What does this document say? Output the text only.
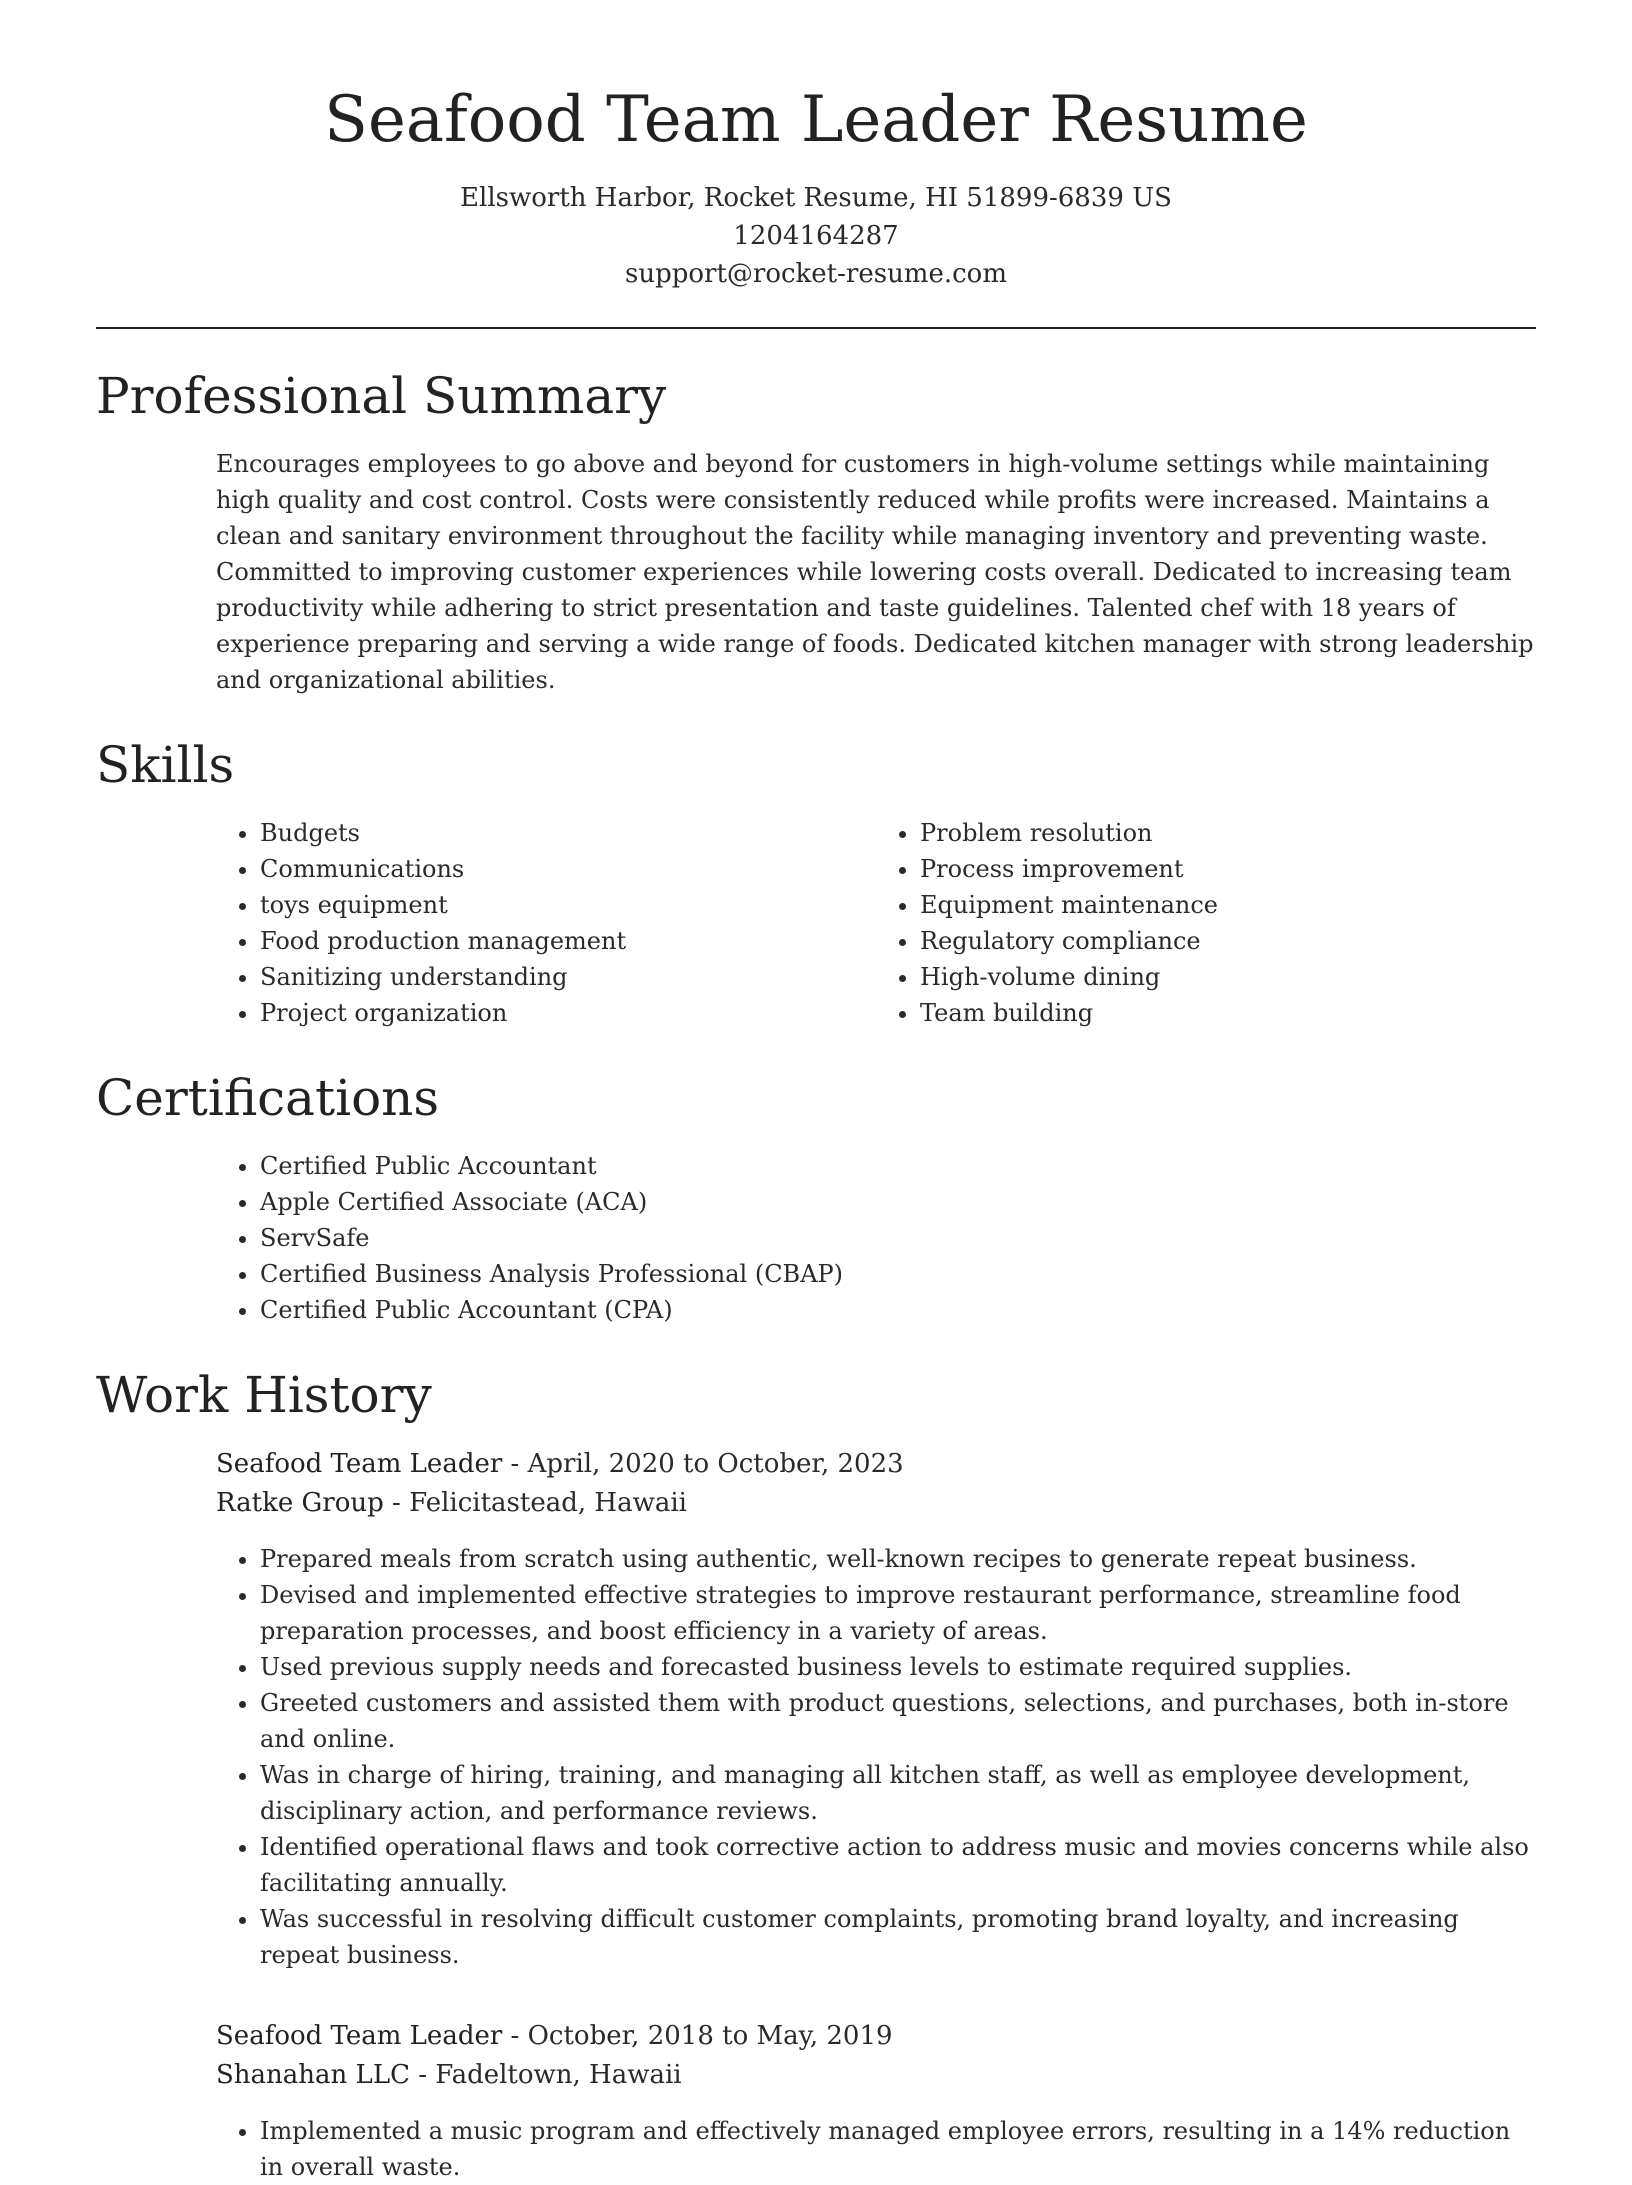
Seafood Team Leader Resume
Ellsworth Harbor, Rocket Resume, HI 51899-6839 US
1204164287
support@rocket-resume.com
Professional Summary
Encourages employees to go above and beyond for customers in high-volume settings while maintaining high quality and cost control. Costs were consistently reduced while profits were increased. Maintains a clean and sanitary environment throughout the facility while managing inventory and preventing waste. Committed to improving customer experiences while lowering costs overall. Dedicated to increasing team productivity while adhering to strict presentation and taste guidelines. Talented chef with 18 years of experience preparing and serving a wide range of foods. Dedicated kitchen manager with strong leadership and organizational abilities.
Skills
• Budgets
• Communications
• toys equipment
• Food production management
• Sanitizing understanding
• Project organization
• Problem resolution
• Process improvement
• Equipment maintenance
• Regulatory compliance
• High-volume dining
• Team building
Certifications
• Certified Public Accountant
• Apple Certified Associate (ACA)
• ServSafe
• Certified Business Analysis Professional (CBAP)
• Certified Public Accountant (CPA)
Work History
Seafood Team Leader - April, 2020 to October, 2023
Ratke Group - Felicitastead, Hawaii
• Prepared meals from scratch using authentic, well-known recipes to generate repeat business.
• Devised and implemented effective strategies to improve restaurant performance, streamline food preparation processes, and boost efficiency in a variety of areas.
• Used previous supply needs and forecasted business levels to estimate required supplies.
• Greeted customers and assisted them with product questions, selections, and purchases, both in-store and online.
• Was in charge of hiring, training, and managing all kitchen staff, as well as employee development, disciplinary action, and performance reviews.
• Identified operational flaws and took corrective action to address music and movies concerns while also facilitating annually.
• Was successful in resolving difficult customer complaints, promoting brand loyalty, and increasing repeat business.
Seafood Team Leader - October, 2018 to May, 2019
Shanahan LLC - Fadeltown, Hawaii
• Implemented a music program and effectively managed employee errors, resulting in a 14% reduction in overall waste.
